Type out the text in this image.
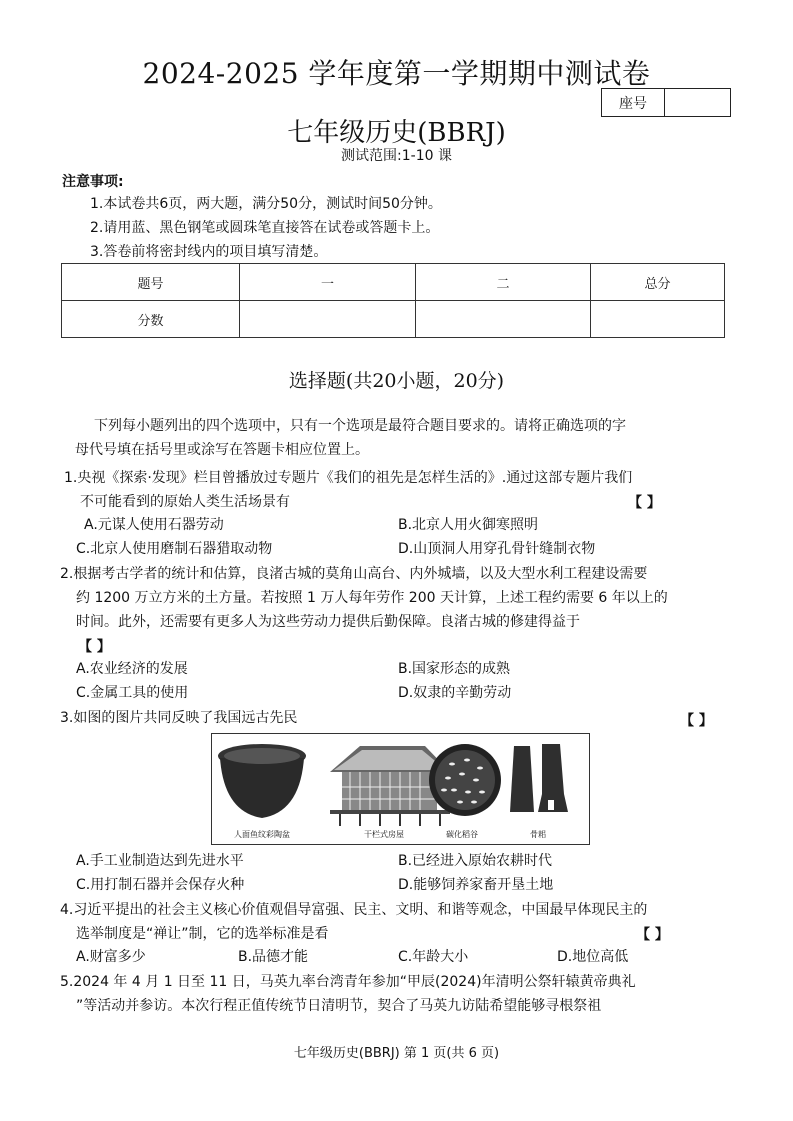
2024-2025 学年度第一学期期中测试卷
座号
七年级历史(BBRJ)
测试范围:1-10 课
注意事项:
1.本试卷共6页，两大题，满分50分，测试时间50分钟。
2.请用蓝、黑色钢笔或圆珠笔直接答在试卷或答题卡上。
3.答卷前将密封线内的项目填写清楚。
题号	一	二	总分
分数			
选择题(共20小题，20分)
下列每小题列出的四个选项中，只有一个选项是最符合题目要求的。请将正确选项的字
母代号填在括号里或涂写在答题卡相应位置上。
1.央视《探索·发现》栏目曾播放过专题片《我们的祖先是怎样生活的》.通过这部专题片我们
不可能看到的原始人类生活场景有	【 】
A.元谋人使用石器劳动	B.北京人用火御寒照明
C.北京人使用磨制石器猎取动物	D.山顶洞人用穿孔骨针缝制衣物
2.根据考古学者的统计和估算，良渚古城的莫角山高台、内外城墙，以及大型水利工程建设需要
约 1200 万立方米的土方量。若按照 1 万人每年劳作 200 天计算，上述工程约需要 6 年以上的
时间。此外，还需要有更多人为这些劳动力提供后勤保障。良渚古城的修建得益于
【 】
A.农业经济的发展	B.国家形态的成熟
C.金属工具的使用	D.奴隶的辛勤劳动
3.如图的图片共同反映了我国远古先民	【 】
人面鱼纹彩陶盆	干栏式房屋	碳化稻谷	骨耜
A.手工业制造达到先进水平	B.已经进入原始农耕时代
C.用打制石器并会保存火种	D.能够饲养家畜开垦土地
4.习近平提出的社会主义核心价值观倡导富强、民主、文明、和谐等观念，中国最早体现民主的
选举制度是“禅让”制，它的选举标准是看	【 】
A.财富多少	B.品德才能	C.年龄大小	D.地位高低
5.2024 年 4 月 1 日至 11 日，马英九率台湾青年参加“甲辰(2024)年清明公祭轩辕黄帝典礼
”等活动并参访。本次行程正值传统节日清明节，契合了马英九访陆希望能够寻根祭祖
七年级历史(BBRJ) 第 1 页(共 6 页)
